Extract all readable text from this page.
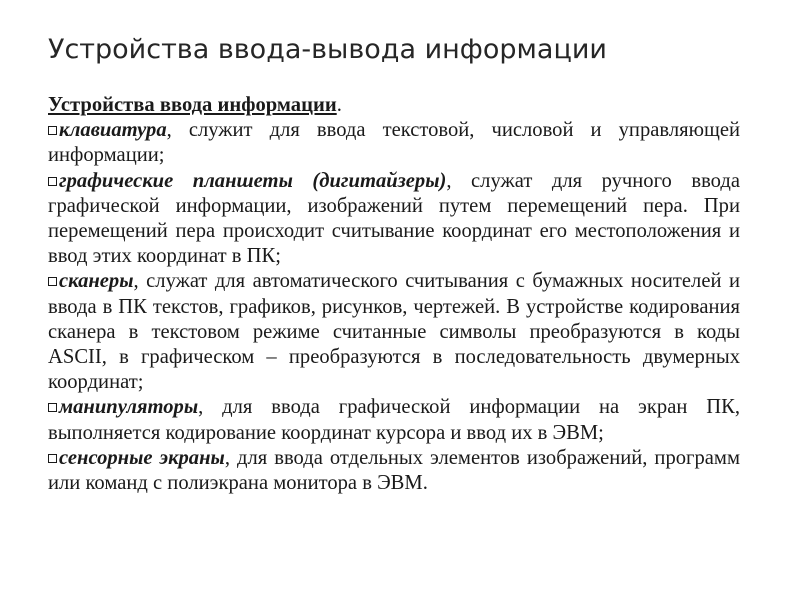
Устройства ввода-вывода информации

Устройства ввода информации.

клавиатура, служит для ввода текстовой, числовой и управляющей информации;

графические планшеты (дигитайзеры), служат для ручного ввода графической информации, изображений путем перемещений пера. При перемещений пера происходит считывание координат его местоположения и ввод этих координат в ПК;

сканеры, служат для автоматического считывания с бумажных носителей и ввода в ПК текстов, графиков, рисунков, чертежей. В устройстве кодирования сканера в текстовом режиме считанные символы преобразуются в коды ASCII, в графическом – преобразуются в последовательность двумерных координат;

манипуляторы, для ввода графической информации на экран ПК, выполняется кодирование координат курсора и ввод их в ЭВМ;

сенсорные экраны, для ввода отдельных элементов изображений, программ или команд с полиэкрана монитора в ЭВМ.
